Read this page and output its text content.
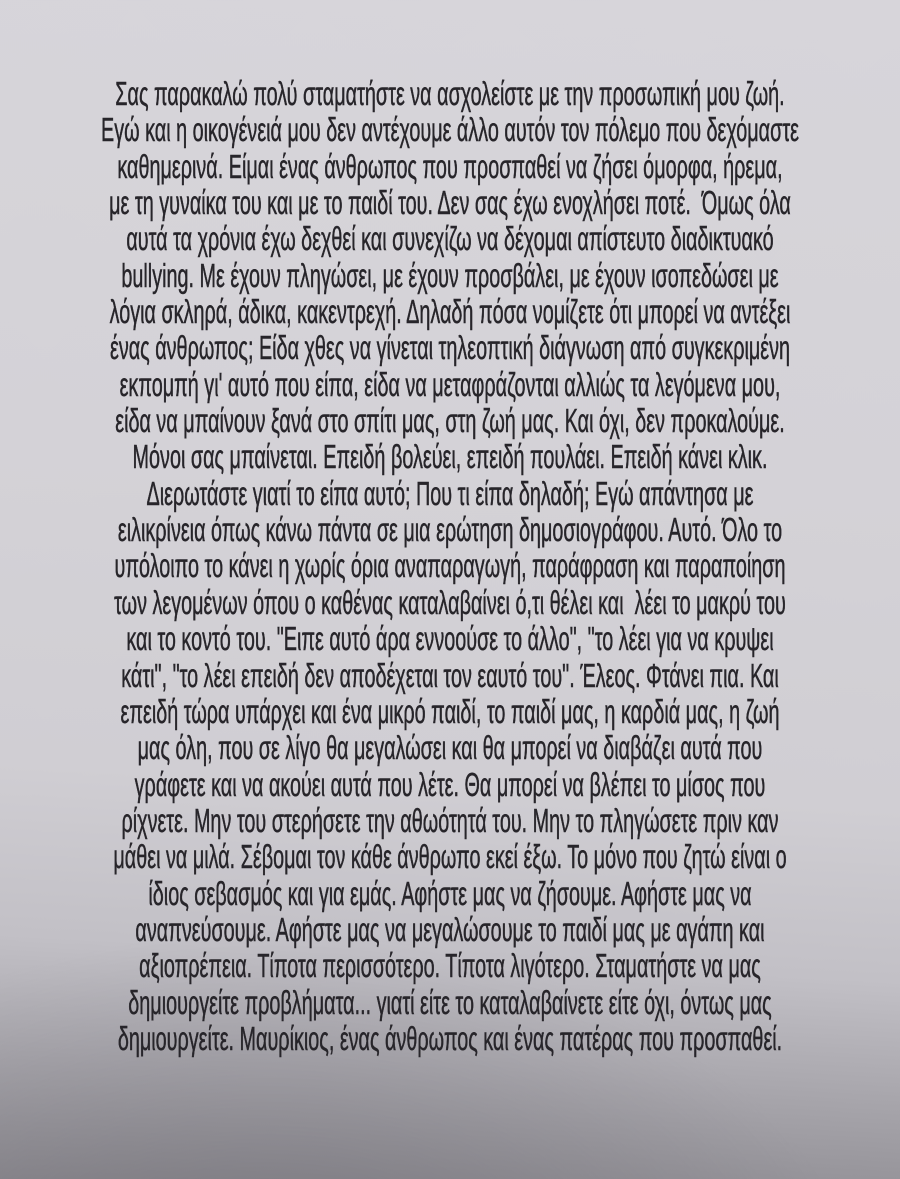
Σας παρακαλώ πολύ σταματήστε να ασχολείστε με την προσωπική μου ζωή.
Εγώ και η οικογένειά μου δεν αντέχουμε άλλο αυτόν τον πόλεμο που δεχόμαστε
καθημερινά. Είμαι ένας άνθρωπος που προσπαθεί να ζήσει όμορφα, ήρεμα,
με τη γυναίκα του και με το παιδί του. Δεν σας έχω ενοχλήσει ποτέ.  Όμως όλα
αυτά τα χρόνια έχω δεχθεί και συνεχίζω να δέχομαι απίστευτο διαδικτυακό
bullying. Με έχουν πληγώσει, με έχουν προσβάλει, με έχουν ισοπεδώσει με
λόγια σκληρά, άδικα, κακεντρεχή. Δηλαδή πόσα νομίζετε ότι μπορεί να αντέξει
ένας άνθρωπος; Είδα χθες να γίνεται τηλεοπτική διάγνωση από συγκεκριμένη
εκπομπή γι' αυτό που είπα, είδα να μεταφράζονται αλλιώς τα λεγόμενα μου,
είδα να μπαίνουν ξανά στο σπίτι μας, στη ζωή μας. Και όχι, δεν προκαλούμε.
Μόνοι σας μπαίνεται. Επειδή βολεύει, επειδή πουλάει. Επειδή κάνει κλικ.
Διερωτάστε γιατί το είπα αυτό; Που τι είπα δηλαδή; Εγώ απάντησα με
ειλικρίνεια όπως κάνω πάντα σε μια ερώτηση δημοσιογράφου. Αυτό. Όλο το
υπόλοιπο το κάνει η χωρίς όρια αναπαραγωγή, παράφραση και παραποίηση
των λεγομένων όπου ο καθένας καταλαβαίνει ό,τι θέλει και  λέει το μακρύ του
και το κοντό του. "Ειπε αυτό άρα εννοούσε το άλλο", "το λέει για να κρυψει
κάτι", "το λέει επειδή δεν αποδέχεται τον εαυτό του". Έλεος. Φτάνει πια. Και
επειδή τώρα υπάρχει και ένα μικρό παιδί, το παιδί μας, η καρδιά μας, η ζωή
μας όλη, που σε λίγο θα μεγαλώσει και θα μπορεί να διαβάζει αυτά που
γράφετε και να ακούει αυτά που λέτε. Θα μπορεί να βλέπει το μίσος που
ρίχνετε. Μην του στερήσετε την αθωότητά του. Μην το πληγώσετε πριν καν
μάθει να μιλά. Σέβομαι τον κάθε άνθρωπο εκεί έξω. Το μόνο που ζητώ είναι ο
ίδιος σεβασμός και για εμάς. Αφήστε μας να ζήσουμε. Αφήστε μας να
αναπνεύσουμε. Αφήστε μας να μεγαλώσουμε το παιδί μας με αγάπη και
αξιοπρέπεια. Τίποτα περισσότερο. Τίποτα λιγότερο. Σταματήστε να μας
δημιουργείτε προβλήματα... γιατί είτε το καταλαβαίνετε είτε όχι, όντως μας
δημιουργείτε. Μαυρίκιος, ένας άνθρωπος και ένας πατέρας που προσπαθεί.
